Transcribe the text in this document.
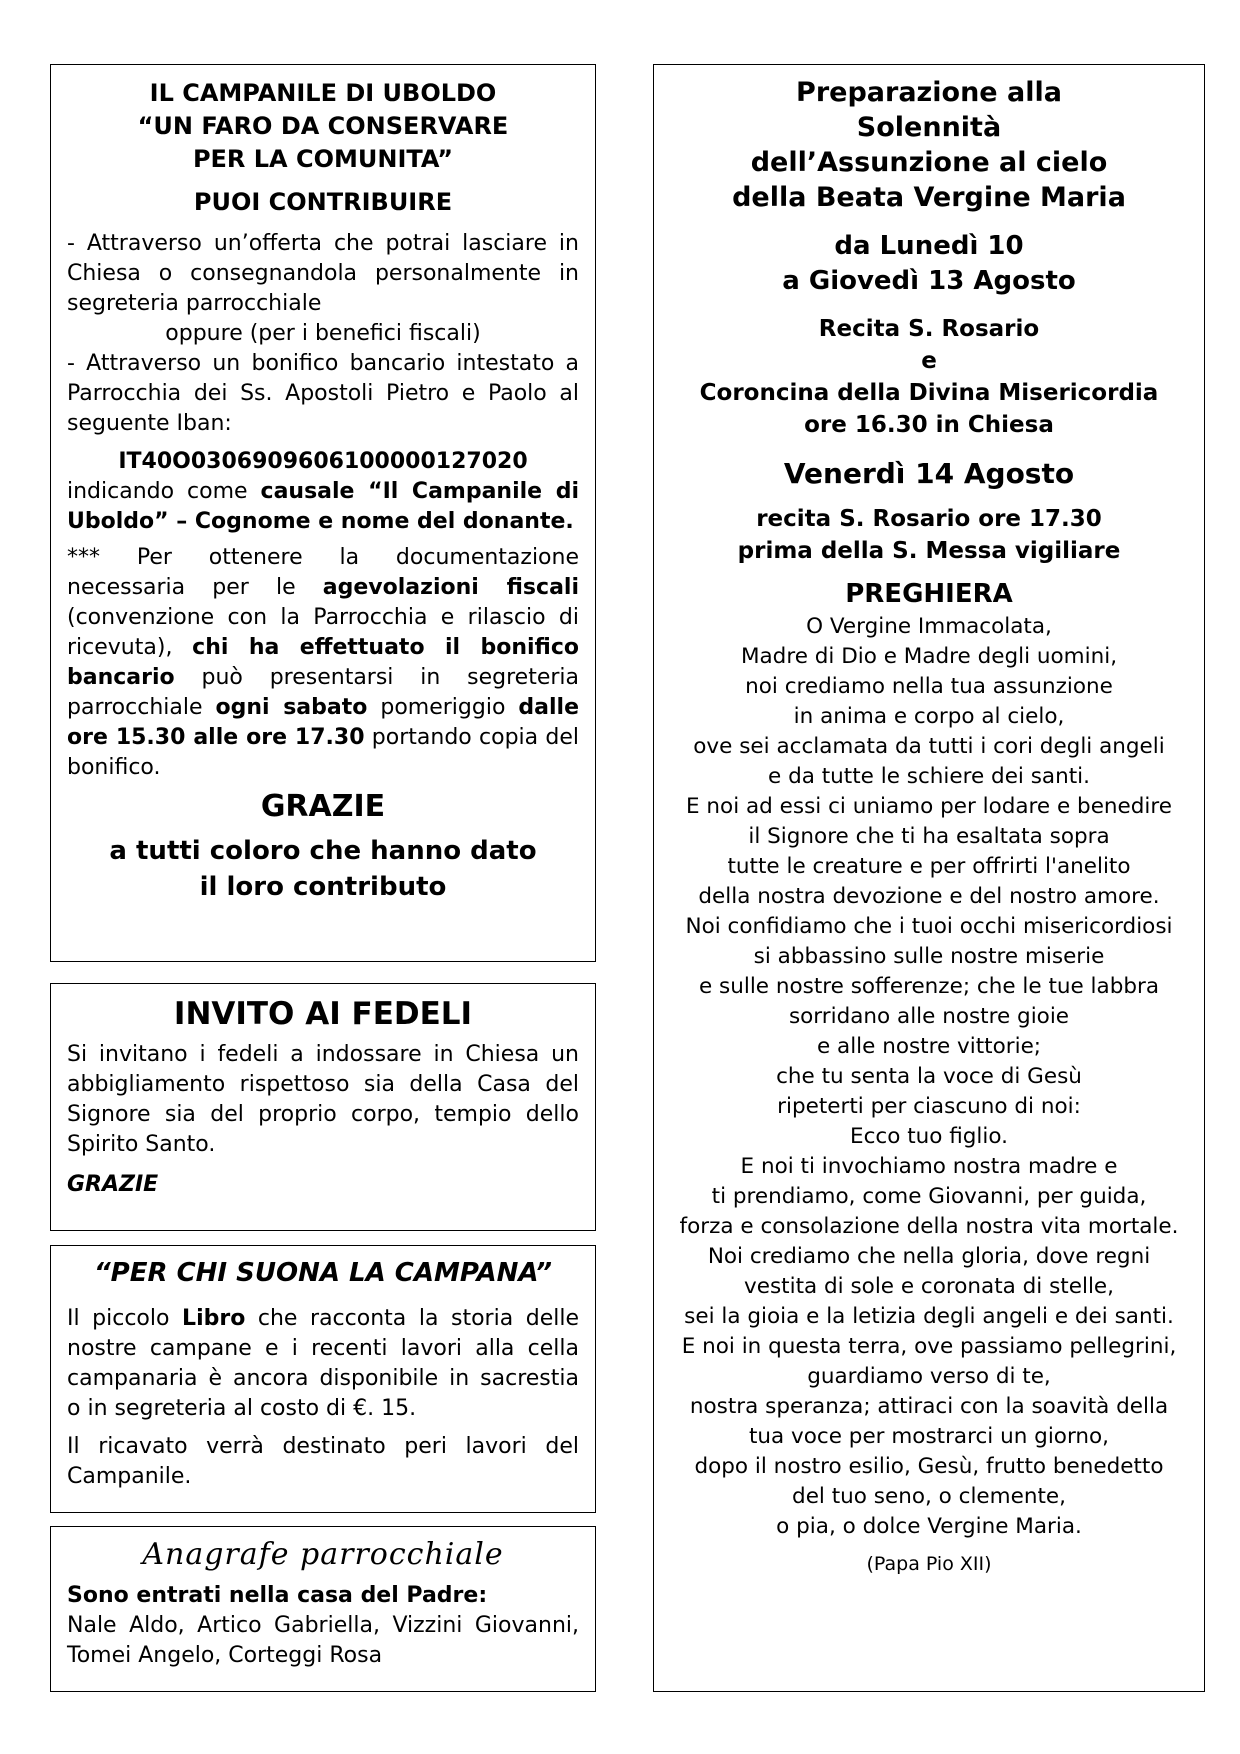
IL CAMPANILE DI UBOLDO
“UN FARO DA CONSERVARE
PER LA COMUNITA”
PUOI CONTRIBUIRE

- Attraverso un’offerta che potrai lasciare in Chiesa o consegnandola personalmente in segreteria parrocchiale

oppure (per i benefici fiscali)

- Attraverso un bonifico bancario intestato a Parrocchia dei Ss. Apostoli Pietro e Paolo al seguente Iban:

IT40O0306909606100000127020

indicando come causale “Il Campanile di Uboldo” – Cognome e nome del donante.

*** Per ottenere la documentazione necessaria per le agevolazioni fiscali (convenzione con la Parrocchia e rilascio di ricevuta), chi ha effettuato il bonifico bancario può presentarsi in segreteria parrocchiale ogni sabato pomeriggio dalle ore 15.30 alle ore 17.30 portando copia del bonifico.

GRAZIE
a tutti coloro che hanno dato
il loro contributo
INVITO AI FEDELI

Si invitano i fedeli a indossare in Chiesa un abbigliamento rispettoso sia della Casa del Signore sia del proprio corpo, tempio dello Spirito Santo.

GRAZIE

“PER CHI SUONA LA CAMPANA”

Il piccolo Libro che racconta la storia delle nostre campane e i recenti lavori alla cella campanaria è ancora disponibile in sacrestia o in segreteria al costo di €. 15.

Il ricavato verrà destinato peri lavori del Campanile.

Anagrafe parrocchiale

Sono entrati nella casa del Padre:

Nale Aldo, Artico Gabriella, Vizzini Giovanni, Tomei Angelo, Corteggi Rosa

Preparazione alla
Solennità
dell’Assunzione al cielo
della Beata Vergine Maria
da Lunedì 10
a Giovedì 13 Agosto
Recita S. Rosario
e
Coroncina della Divina Misericordia
ore 16.30 in Chiesa
Venerdì 14 Agosto
recita S. Rosario ore 17.30
prima della S. Messa vigiliare
PREGHIERA
O Vergine Immacolata,
Madre di Dio e Madre degli uomini,
noi crediamo nella tua assunzione
in anima e corpo al cielo,
ove sei acclamata da tutti i cori degli angeli
e da tutte le schiere dei santi.
E noi ad essi ci uniamo per lodare e benedire
il Signore che ti ha esaltata sopra
tutte le creature e per offrirti l'anelito
della nostra devozione e del nostro amore.
Noi confidiamo che i tuoi occhi misericordiosi
si abbassino sulle nostre miserie
e sulle nostre sofferenze; che le tue labbra
sorridano alle nostre gioie
e alle nostre vittorie;
che tu senta la voce di Gesù
ripeterti per ciascuno di noi:
Ecco tuo figlio.
E noi ti invochiamo nostra madre e
ti prendiamo, come Giovanni, per guida,
forza e consolazione della nostra vita mortale.
Noi crediamo che nella gloria, dove regni
vestita di sole e coronata di stelle,
sei la gioia e la letizia degli angeli e dei santi.
E noi in questa terra, ove passiamo pellegrini,
guardiamo verso di te,
nostra speranza; attiraci con la soavità della
tua voce per mostrarci un giorno,
dopo il nostro esilio, Gesù, frutto benedetto
del tuo seno, o clemente,
o pia, o dolce Vergine Maria.
(Papa Pio XII)
